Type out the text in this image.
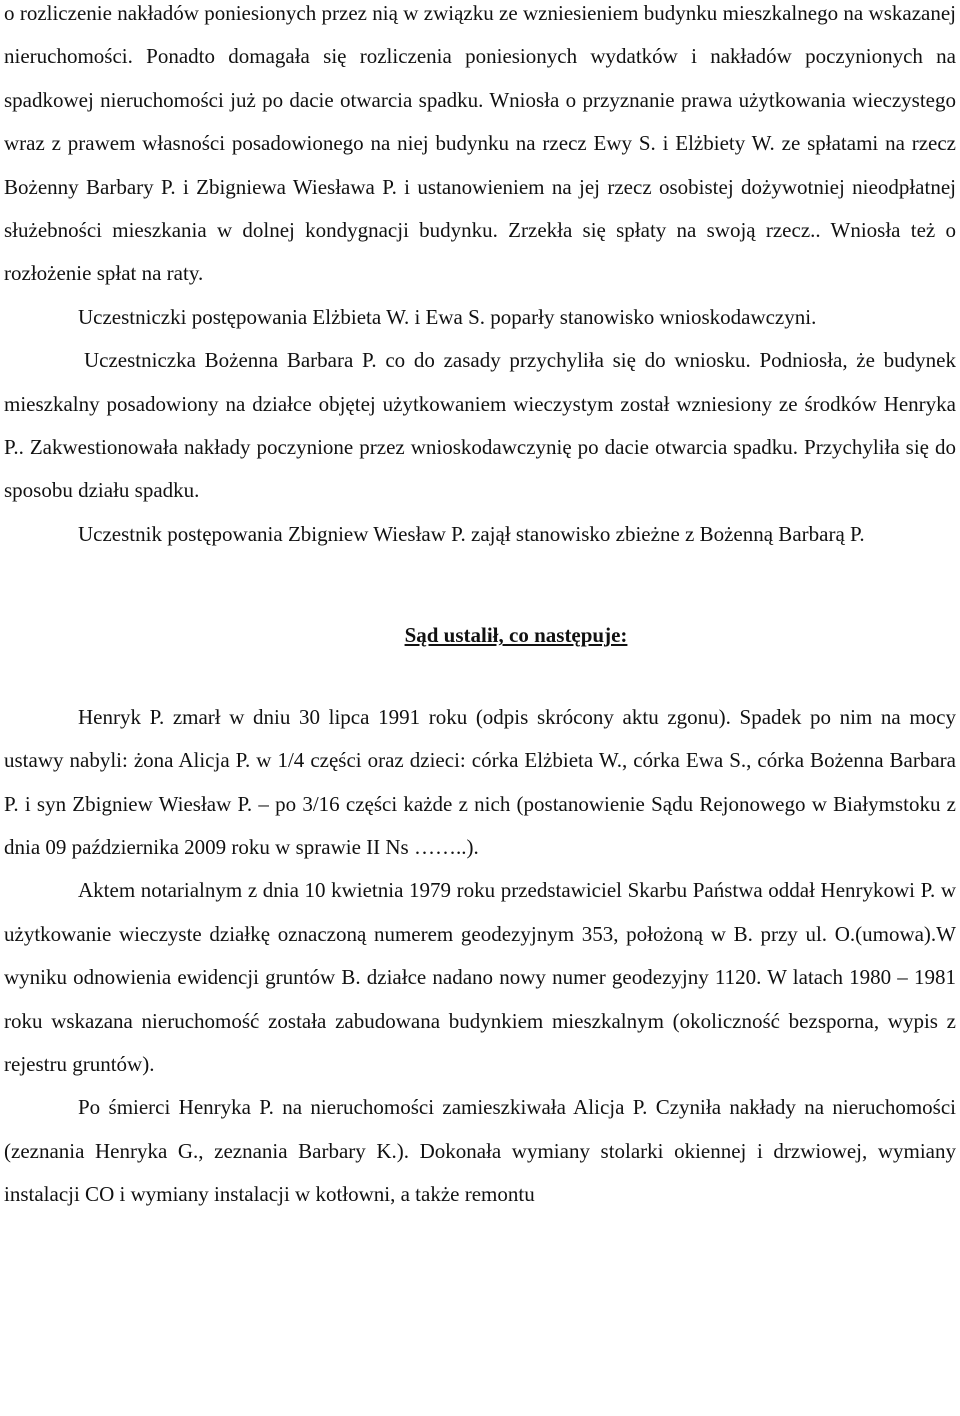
o rozliczenie nakładów poniesionych przez nią w związku ze wzniesieniem budynku mieszkalnego na wskazanej nieruchomości. Ponadto domagała się rozliczenia poniesionych wydatków i nakładów poczynionych na spadkowej nieruchomości już po dacie otwarcia spadku. Wniosła o przyznanie prawa użytkowania wieczystego wraz z prawem własności posadowionego na niej budynku na rzecz Ewy S. i Elżbiety W. ze spłatami na rzecz Bożenny Barbary P. i Zbigniewa Wiesława P. i ustanowieniem na jej rzecz osobistej dożywotniej nieodpłatnej służebności mieszkania w dolnej kondygnacji budynku. Zrzekła się spłaty na swoją rzecz.. Wniosła też o rozłożenie spłat na raty.

Uczestniczki postępowania Elżbieta W. i Ewa S. poparły stanowisko wnioskodawczyni.

Uczestniczka Bożenna Barbara P. co do zasady przychyliła się do wniosku. Podniosła, że budynek mieszkalny posadowiony na działce objętej użytkowaniem wieczystym został wzniesiony ze środków Henryka P.. Zakwestionowała nakłady poczynione przez wnioskodawczynię po dacie otwarcia spadku. Przychyliła się do sposobu działu spadku.

Uczestnik postępowania Zbigniew Wiesław P. zajął stanowisko zbieżne z Bożenną Barbarą P.

Sąd ustalił, co następuje:

Henryk P. zmarł w dniu 30 lipca 1991 roku (odpis skrócony aktu zgonu). Spadek po nim na mocy ustawy nabyli: żona Alicja P. w 1/4 części oraz dzieci: córka Elżbieta W., córka Ewa S., córka Bożenna Barbara P. i syn Zbigniew Wiesław P. – po 3/16 części każde z nich (postanowienie Sądu Rejonowego w Białymstoku z dnia 09 października 2009 roku w sprawie II Ns ……..).

Aktem notarialnym z dnia 10 kwietnia 1979 roku przedstawiciel Skarbu Państwa oddał Henrykowi P. w użytkowanie wieczyste działkę oznaczoną numerem geodezyjnym 353, położoną w B. przy ul. O.(umowa).W wyniku odnowienia ewidencji gruntów B. działce nadano nowy numer geodezyjny 1120. W latach 1980 – 1981 roku wskazana nieruchomość została zabudowana budynkiem mieszkalnym (okoliczność bezsporna, wypis z rejestru gruntów).

Po śmierci Henryka P. na nieruchomości zamieszkiwała Alicja P. Czyniła nakłady na nieruchomości (zeznania Henryka G., zeznania Barbary K.). Dokonała wymiany stolarki okiennej i drzwiowej, wymiany instalacji CO i wymiany instalacji w kotłowni, a także remontu
